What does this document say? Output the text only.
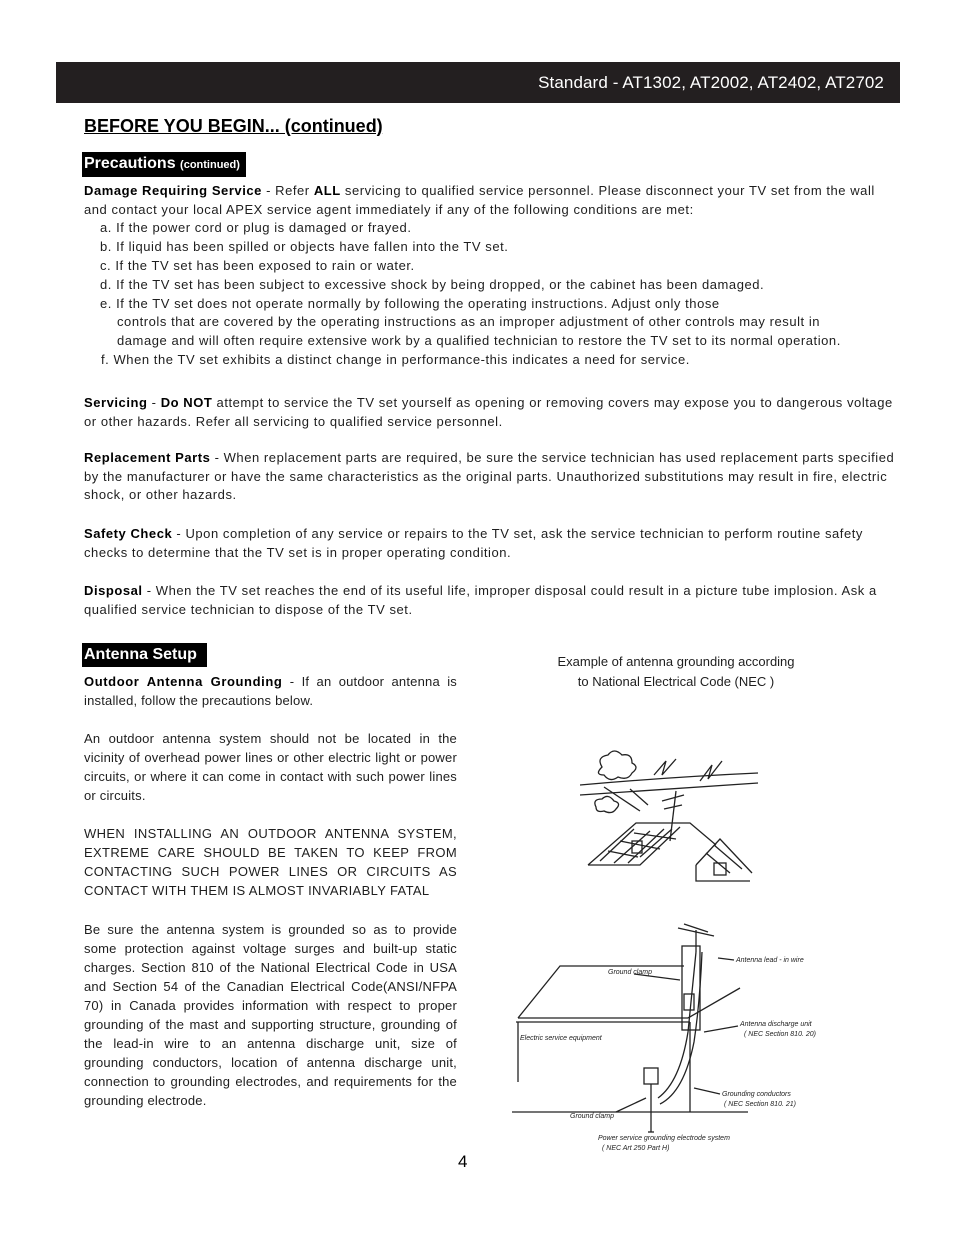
Standard - AT1302, AT2002, AT2402, AT2702
BEFORE YOU BEGIN... (continued)
Precautions (continued)
Damage Requiring Service - Refer ALL servicing to qualified service personnel. Please disconnect your TV set from the wall and contact your local APEX service agent immediately if any of the following conditions are met:
a. If the power cord or plug is damaged or frayed.
b. If liquid has been spilled or objects have fallen into the TV set.
c. If the TV set has been exposed to rain or water.
d. If the TV set has been subject to excessive shock by being dropped, or the cabinet has been damaged.
e. If the TV set does not operate normally by following the operating instructions. Adjust only those
controls that are covered by the operating instructions as an improper adjustment of other controls may result in
damage and will often require extensive work by a qualified technician to restore the TV set to its normal operation.
f. When the TV set exhibits a distinct change in performance-this indicates a need for service.
Servicing - Do NOT attempt to service the TV set yourself as opening or removing covers may expose you to dangerous voltage or other hazards. Refer all servicing to qualified service personnel.
Replacement Parts - When replacement parts are required, be sure the service technician has used replacement parts specified by the manufacturer or have the same characteristics as the original parts. Unauthorized substitutions may result in fire, electric shock, or other hazards.
Safety Check - Upon completion of any service or repairs to the TV set, ask the service technician to perform routine safety checks to determine that the TV set is in proper operating condition.
Disposal - When the TV set reaches the end of its useful life, improper disposal could result in a picture tube implosion. Ask a qualified service technician to dispose of the TV set.
Antenna Setup
Outdoor Antenna Grounding - If an outdoor antenna is installed, follow the precautions below.
An outdoor antenna system should not be located in the vicinity of overhead power lines or other electric light or power circuits, or where it can come in contact with such power lines or circuits.
WHEN INSTALLING AN OUTDOOR ANTENNA SYSTEM, EXTREME CARE SHOULD BE TAKEN TO KEEP FROM CONTACTING SUCH POWER LINES OR CIRCUITS AS CONTACT WITH THEM IS ALMOST INVARIABLY FATAL
Be sure the antenna system is grounded so as to provide some protection against voltage surges and built-up static charges. Section 810 of the National Electrical Code in USA and Section 54 of the Canadian Electrical Code(ANSI/NFPA 70) in Canada provides information with respect to proper grounding of the mast and supporting structure, grounding of the lead-in wire to an antenna discharge unit, size of grounding conductors, location of antenna discharge unit, connection to grounding electrodes, and requirements for the grounding electrode.
Example of antenna grounding according
to National Electrical Code (NEC )
Antenna lead - in wire
Ground clamp
Antenna discharge unit
( NEC Section 810. 20)
Electric service equipment
Grounding conductors
( NEC Section 810. 21)
Ground clamp
Power service grounding electrode system
( NEC Art 250 Part H)
4
